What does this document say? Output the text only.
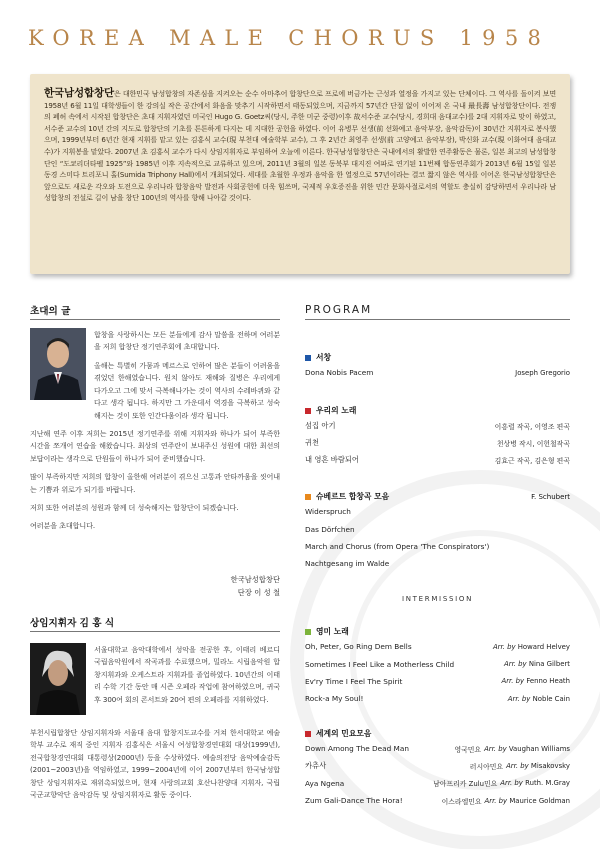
KOREA MALE CHORUS 1958

한국남성합창단은 대한민국 남성합창의 자존심을 지켜오는 순수 아마추어 합창단으로 프로에 버금가는 근성과 열정을 가지고 있는 단체이다. 그 역사를 돌이켜 보면 1958년 6월 11일 대학생들이 한 강의실 작은 공간에서 화음을 맞추기 시작하면서 태동되었으며, 지금까지 57년간 단절 없이 이어져 온 국내 最長壽 남성합창단이다. 전쟁의 폐허 속에서 시작된 합창단은 초대 지휘자였던 미국인 Hugo G. Goetz씨(당시, 주한 미군 중령)이후 故서수준 교수(당시, 경희대 음대교수)를 2대 지휘자로 맞이 하였고, 서수준 교수의 10년 간의 지도로 합창단의 기초를 튼튼하게 다지는 데 지대한 공헌을 하였다. 이어 유병무 선생(前 선화예고 음악부장, 음악감독)이 30년간 지휘자로 봉사했으며, 1999년부터 6년간 현재 지휘를 맡고 있는 김홍식 교수(現 부천대 예술학부 교수), 그 후 2년간 최영주 선생(前 고양예고 음악부장), 박신화 교수(現 이화여대 음대교수)가 지휘봉을 맡았다. 2007년 초 김홍식 교수가 다시 상임지휘자로 부임하여 오늘에 이른다. 한국남성합창단은 국내에서의 활발한 연주활동은 물론, 일본 최고의 남성합창단인 “도쿄리더타펠 1925”와 1985년 이후 지속적으로 교류하고 있으며, 2011년 3월의 일본 동북부 대지진 여파로 연기된 11번째 합동연주회가 2013년 6월 15일 일본 동경 스미다 트리포니 홀(Sumida Triphony Hall)에서 개최되었다. 세대를 초월한 우정과 음악을 한 열정으로 57년이라는 결코 짧지 않은 역사를 이어온 한국남성합창단은 앞으로도 새로운 각오와 도전으로 우리나라 합창음악 발전과 사회공헌에 더욱 힘쓰며, 국제적 우호증진을 위한 민간 문화사절로서의 역할도 충실히 감당하면서 우리나라 남성합창의 전설로 길이 남을 창단 100년의 역사를 향해 나아갈 것이다.

초대의 글

합창을 사랑하시는 모든 분들에게 감사 말씀을 전하며 여러분을 저희 합창단 정기연주회에 초대합니다.

올해는 특별히 가뭄과 메르스로 인하여 많은 분들이 어려움을 겪었던 한해였습니다. 원치 않아도 재해와 질병은 우리에게 다가오고 그에 맞서 극복해나가는 것이 역사의 수레바퀴와 같다고 생각 됩니다. 하지만 그 가운데서 역경을 극복하고 성숙해지는 것이 또한 인간다움이라 생각 됩니다.

지난해 연주 이후 저희는 2015년 정기연주를 위해 지휘자와 하나가 되어 부족한 시간을 쪼개어 연습을 해왔습니다. 최상의 연주란이 보내주신 성원에 대한 최선의 보답이라는 생각으로 단원들이 하나가 되어 준비했습니다.

많이 부족하지만 저희의 합창이 올한해 여러분이 겪으신 고통과 안타까움을 씻어내는 기쁨과 위로가 되기를 바랍니다.

저희 또한 여러분의 성원과 함께 더 성숙해지는 합창단이 되겠습니다.

여러분을 초대합니다.

한국남성합창단
단장 이 성 철
상임지휘자 김 홍 식

서울대학교 음악대학에서 성악을 전공한 후, 이태리 베르디 국립음악원에서 작곡과를 수료했으며, 밀라노 시립음악원 합창지휘과와 오케스트라 지휘과를 졸업하였다. 10년간의 이태리 수학 기간 동안 매 시즌 오페라 작업에 참여하였으며, 귀국 후 300여 회의 콘서트와 20여 편의 오페라를 지휘하였다.

부천시립합창단 상임지휘자와 서울대 음대 합창지도교수를 거쳐 한서대학교 예술학부 교수로 재직 중인 지휘자 김홍식은 서울시 여성합창경연대회 대상(1999년), 전국합창경연대회 대통령상(2000년) 등을 수상하였다. 예술의전당 음악예술감독(2001~2003년)을 역임하였고, 1999~2004년에 이어 2007년부터 한국남성합창단 상임지휘자로 재위촉되었으며, 현재 사랑의교회 호산나찬양대 지휘자, 국립 국군교향악단 음악감독 및 상임지휘자로 활동 중이다.

PROGRAM
서창
Dona Nobis Pacem	Joseph Gregorio
우리의 노래
섬집 아기	이흥렬 작곡, 이영조 편곡
귀천	천상병 작시, 이헌철작곡
내 영혼 바람되어	김효근 작곡, 김은형 편곡
슈베르트 합창곡 모음	F. Schubert
Widerspruch
Das Dörfchen
March and Chorus (from Opera 'The Conspirators')
Nachtgesang im Walde
INTERMISSION
영미 노래
Oh, Peter, Go Ring Dem Bells	Arr. by Howard Helvey
Sometimes I Feel Like a Motherless Child	Arr. by Nina Gilbert
Ev'ry Time I Feel The Spirit	Arr. by Fenno Heath
Rock-a My Soul!	Arr. by Noble Cain
세계의 민요모음
Down Among The Dead Man	영국민요 Arr. by Vaughan Williams
카츄사	러시아민요 Arr. by Misakovsky
Aya Ngena	남아프리카 Zulu민요 Arr. by Ruth. M.Gray
Zum Gali-Dance The Hora!	이스라엘민요 Arr. by Maurice Goldman
